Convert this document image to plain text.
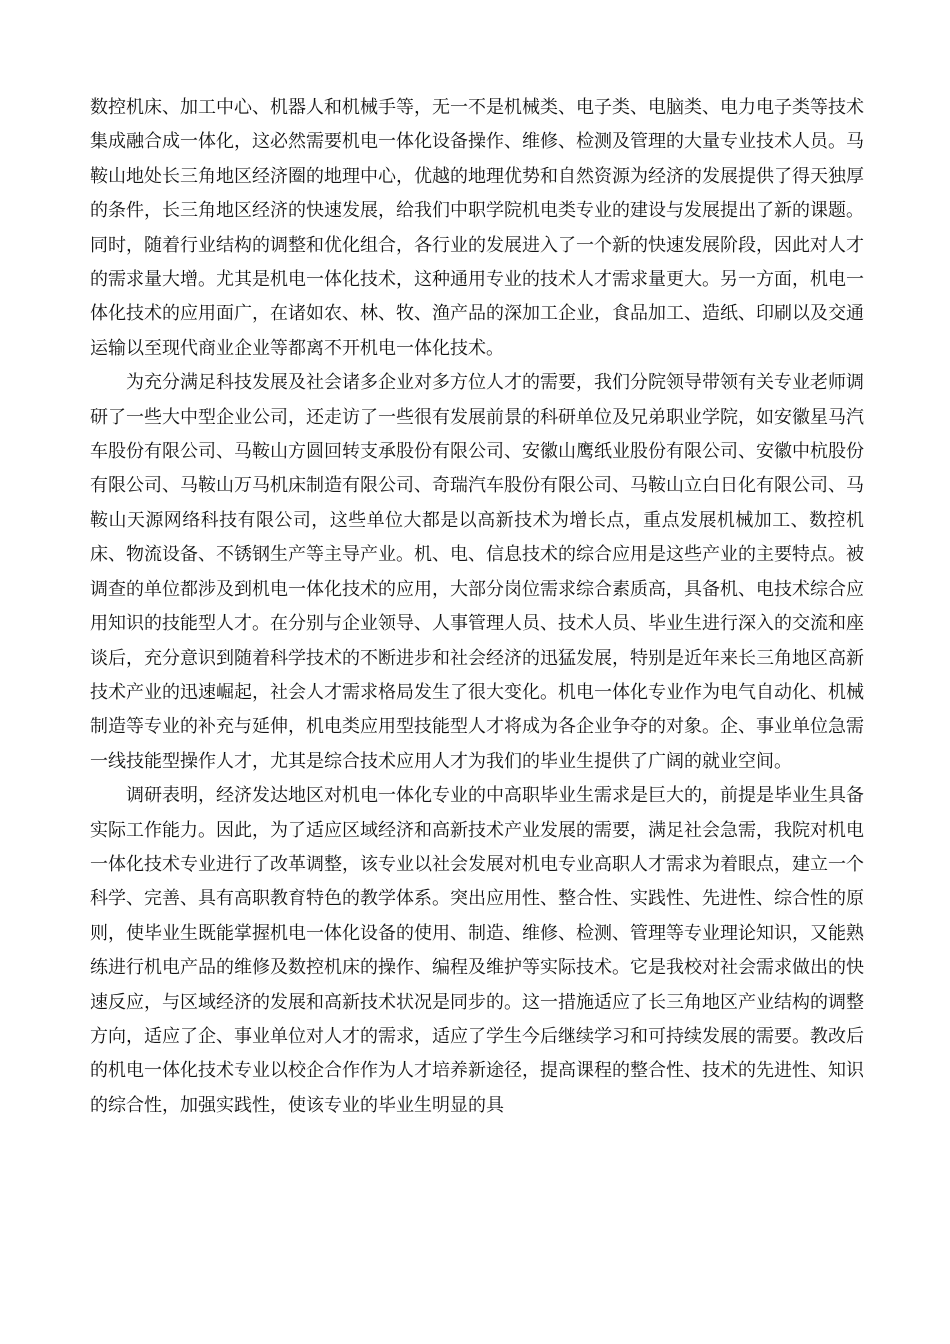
数控机床、加工中心、机器人和机械手等，无一不是机械类、电子类、电脑类、电力电子类等技术集成融合成一体化，这必然需要机电一体化设备操作、维修、检测及管理的大量专业技术人员。马鞍山地处长三角地区经济圈的地理中心，优越的地理优势和自然资源为经济的发展提供了得天独厚的条件，长三角地区经济的快速发展，给我们中职学院机电类专业的建设与发展提出了新的课题。同时，随着行业结构的调整和优化组合，各行业的发展进入了一个新的快速发展阶段，因此对人才的需求量大增。尤其是机电一体化技术，这种通用专业的技术人才需求量更大。另一方面，机电一体化技术的应用面广，在诸如农、林、牧、渔产品的深加工企业，食品加工、造纸、印刷以及交通运输以至现代商业企业等都离不开机电一体化技术。

为充分满足科技发展及社会诸多企业对多方位人才的需要，我们分院领导带领有关专业老师调研了一些大中型企业公司，还走访了一些很有发展前景的科研单位及兄弟职业学院，如安徽星马汽车股份有限公司、马鞍山方圆回转支承股份有限公司、安徽山鹰纸业股份有限公司、安徽中杭股份有限公司、马鞍山万马机床制造有限公司、奇瑞汽车股份有限公司、马鞍山立白日化有限公司、马鞍山天源网络科技有限公司，这些单位大都是以高新技术为增长点，重点发展机械加工、数控机床、物流设备、不锈钢生产等主导产业。机、电、信息技术的综合应用是这些产业的主要特点。被调查的单位都涉及到机电一体化技术的应用，大部分岗位需求综合素质高，具备机、电技术综合应用知识的技能型人才。在分别与企业领导、人事管理人员、技术人员、毕业生进行深入的交流和座谈后，充分意识到随着科学技术的不断进步和社会经济的迅猛发展，特别是近年来长三角地区高新技术产业的迅速崛起，社会人才需求格局发生了很大变化。机电一体化专业作为电气自动化、机械制造等专业的补充与延伸，机电类应用型技能型人才将成为各企业争夺的对象。企、事业单位急需一线技能型操作人才，尤其是综合技术应用人才为我们的毕业生提供了广阔的就业空间。

调研表明，经济发达地区对机电一体化专业的中高职毕业生需求是巨大的，前提是毕业生具备实际工作能力。因此，为了适应区域经济和高新技术产业发展的需要，满足社会急需，我院对机电一体化技术专业进行了改革调整，该专业以社会发展对机电专业高职人才需求为着眼点，建立一个科学、完善、具有高职教育特色的教学体系。突出应用性、整合性、实践性、先进性、综合性的原则，使毕业生既能掌握机电一体化设备的使用、制造、维修、检测、管理等专业理论知识，又能熟练进行机电产品的维修及数控机床的操作、编程及维护等实际技术。它是我校对社会需求做出的快速反应，与区域经济的发展和高新技术状况是同步的。这一措施适应了长三角地区产业结构的调整方向，适应了企、事业单位对人才的需求，适应了学生今后继续学习和可持续发展的需要。教改后的机电一体化技术专业以校企合作作为人才培养新途径，提高课程的整合性、技术的先进性、知识的综合性，加强实践性，使该专业的毕业生明显的具
